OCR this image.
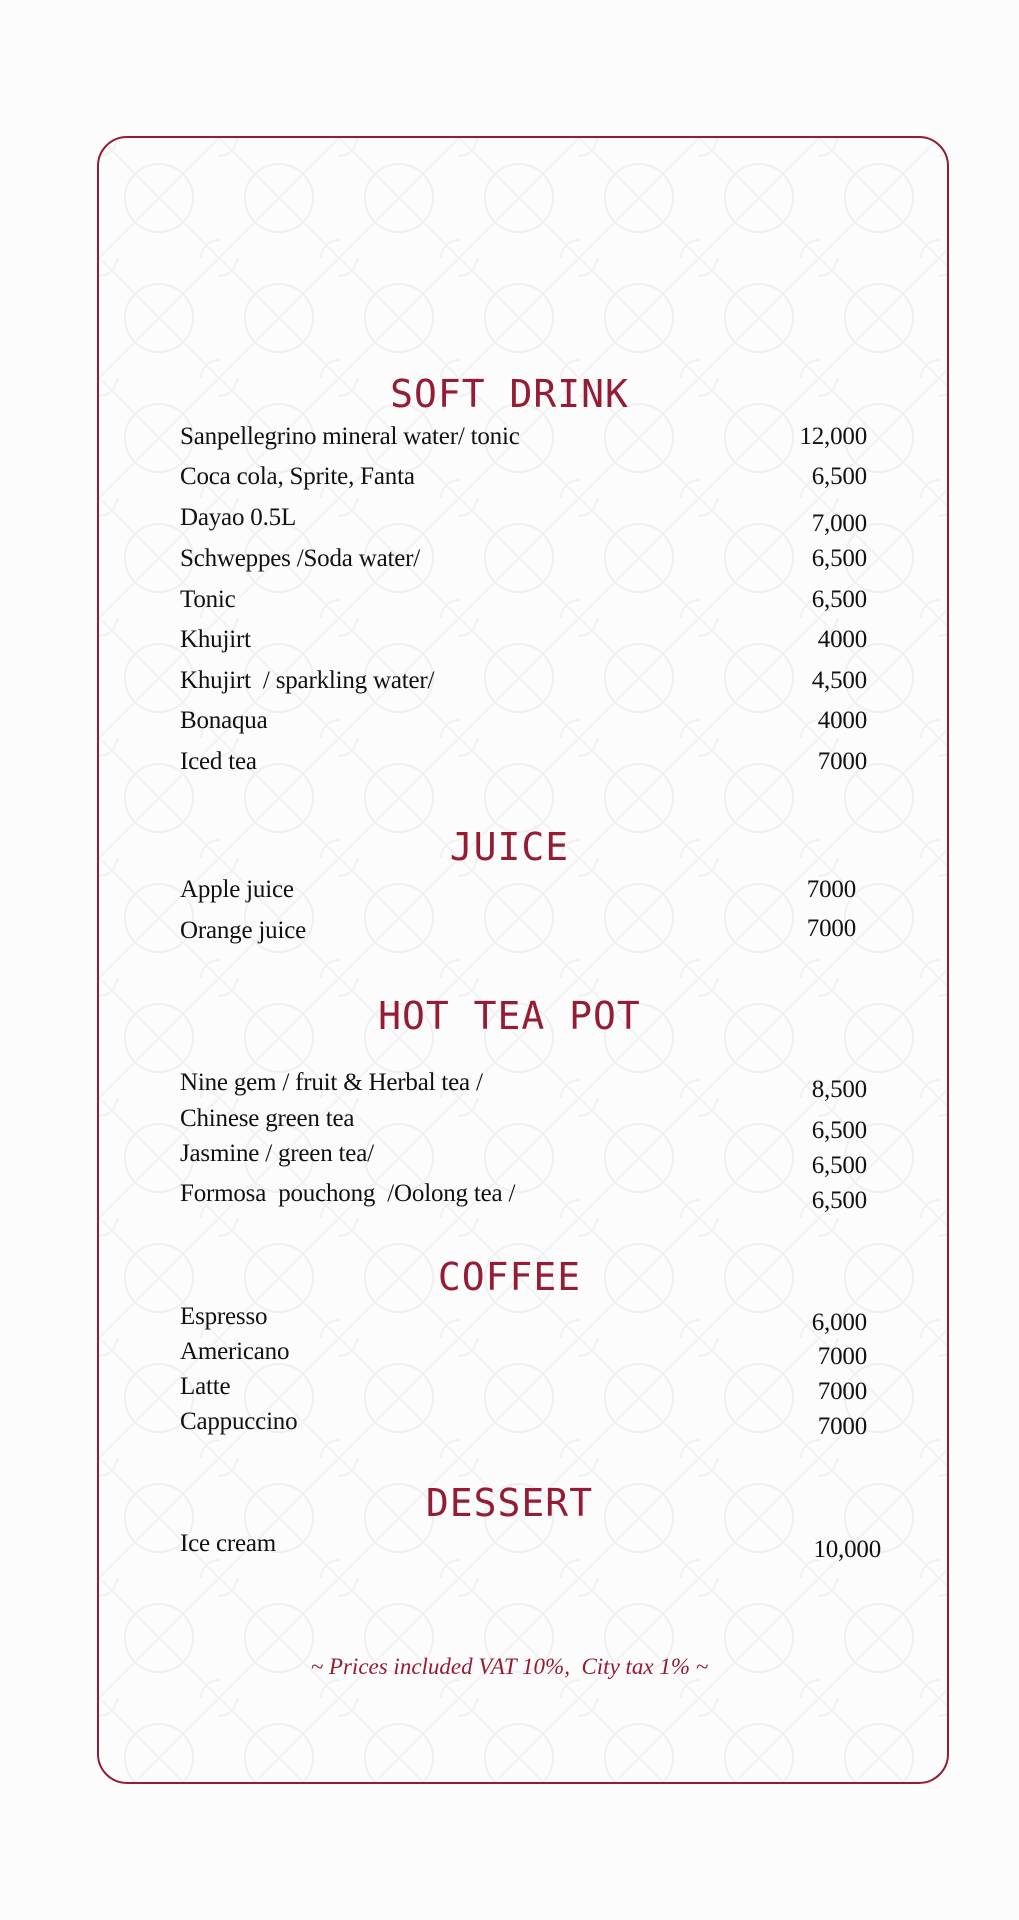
SOFT DRINK
Sanpellegrino mineral water/ tonic	12,000
Coca cola, Sprite, Fanta	6,500
Dayao 0.5L	7,000
Schweppes /Soda water/	6,500
Tonic	6,500
Khujirt	4000
Khujirt  / sparkling water/	4,500
Bonaqua	4000
Iced tea	7000
JUICE
Apple juice	7000
Orange juice	7000
HOT TEA POT
Nine gem / fruit & Herbal tea /	8,500
Chinese green tea	6,500
Jasmine / green tea/	6,500
Formosa  pouchong  /Oolong tea /	6,500
COFFEE
Espresso	6,000
Americano	7000
Latte	7000
Cappuccino	7000
DESSERT
Ice cream	10,000
~ Prices included VAT 10%,  City tax 1% ~
